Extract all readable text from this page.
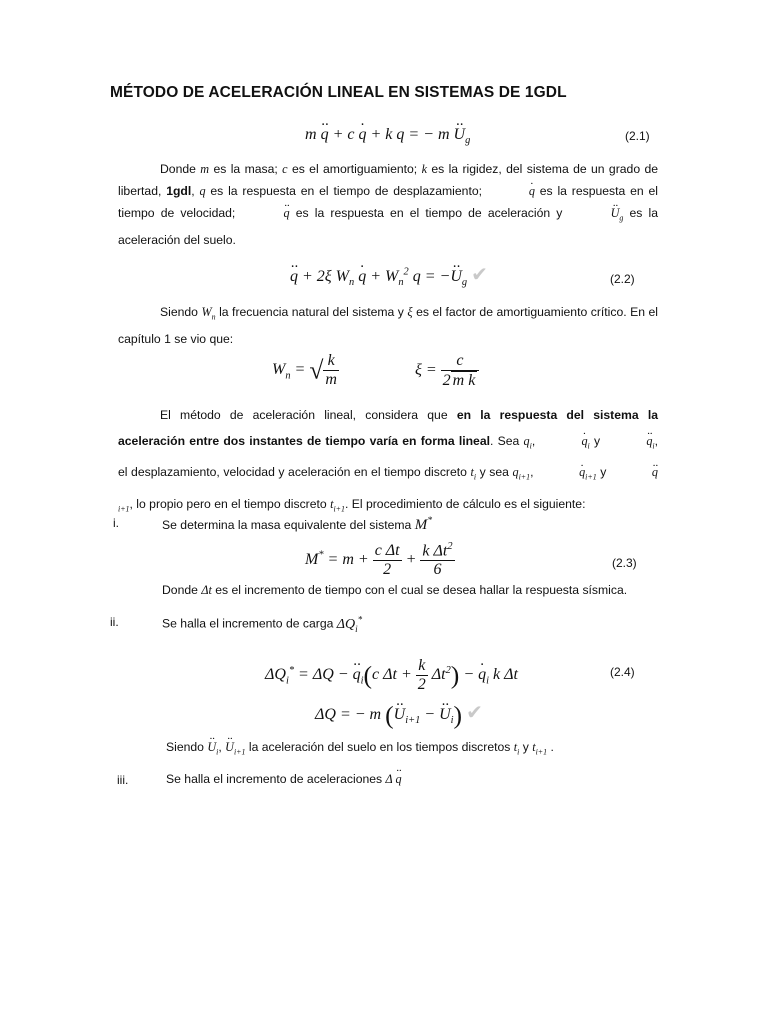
MÉTODO DE ACELERACIÓN LINEAL EN SISTEMAS DE 1GDL
m ·· q + c · q + k q = − $m \cdot\cdot U_g$	(2.1)
Donde m es la masa; c es el amortiguamiento; k es la rigidez, del sistema de un grado de libertad, 1gdl, q es la respuesta en el tiempo de desplazamiento;	· q es la respuesta en el tiempo de velocidad;	·· q es la respuesta en el tiempo de aceleración y	·· $U_g$ es la aceleración del suelo.
·· q + 2ξ $W_n \cdot q + W_n^2$ q = −·· $U_g$ ✔	(2.2)
Siendo $W_n$ la frecuencia natural del sistema y ξ es el factor de amortiguamiento crítico. En el capítulo 1 se vio que:
$W_n$ = √ $\frac{k}{m}$	$\xi = \frac{c}{\text{2 m k}}$
El método de aceleración lineal, considera que en la respuesta del sistema la aceleración entre dos instantes de tiempo varía en forma lineal. Sea $q_i$,	· $q_i$ y	·· $q_i$, el desplazamiento, velocidad y aceleración en el tiempo discreto $t_i$ y sea $q_{i+1}$,	· $q_{i+1}$ y	·· $q_{i+1}$, lo propio pero en el tiempo discreto $t_{i+1}$. El procedimiento de cálculo es el siguiente:
i.	Se determina la masa equivalente del sistema M*
$M^* = m + \frac{\text{c Δt}}{2} + \frac{k \Delta t^2}{6}$	(2.3)
Donde Δt es el incremento de tiempo con el cual se desea hallar la respuesta sísmica.
ii.	Se halla el incremento de carga $\Delta Q_i^*$
$\Delta Q_i^* = \Delta Q$ − ·· $q_i(c$ $\Delta t + \frac{k}{2} \Delta t^2$) − · $q_i$ k Δt	(2.4)
ΔQ = − m (·· $U_{i+1}$ − ·· $U_i$) ✔
Siendo ·· $U_i$, ·· $U_{i+1}$ la aceleración del suelo en los tiempos discretos $t_i$ y $t_{i+1}$ .
iii.	Se halla el incremento de aceleraciones Δ ·· q
